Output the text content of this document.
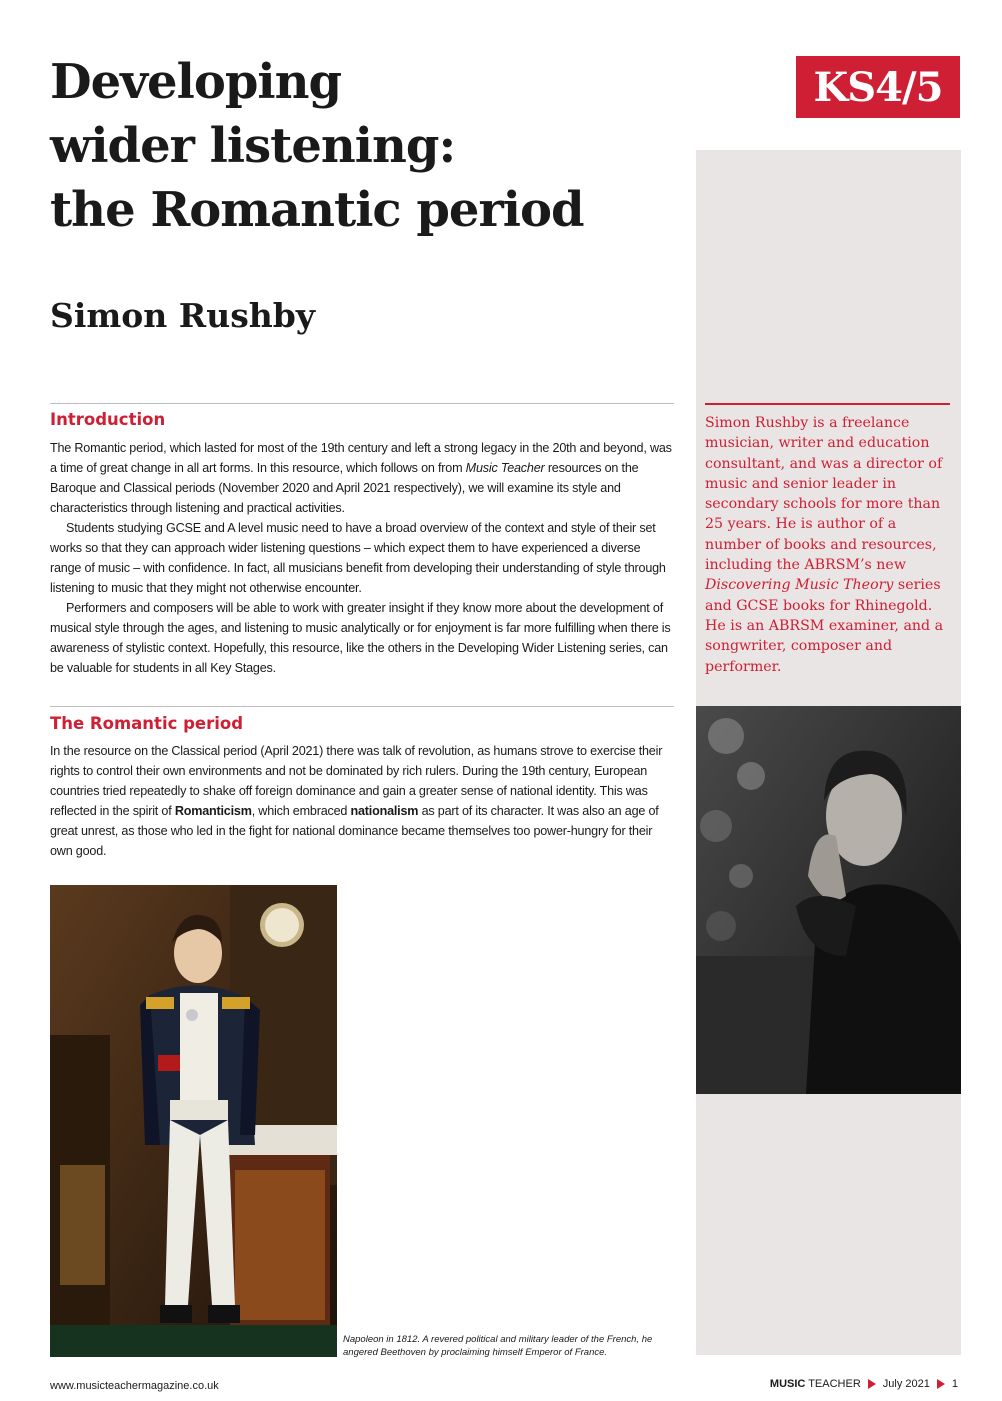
Developing
wider listening:
the Romantic period
Simon Rushby
KS4/5

Simon Rushby is a freelance musician, writer and education consultant, and was a director of music and senior leader in secondary schools for more than 25 years. He is author of a number of books and resources, including the ABRSM’s new Discovering Music Theory series and GCSE books for Rhinegold. He is an ABRSM examiner, and a songwriter, composer and performer.

Introduction

The Romantic period, which lasted for most of the 19th century and left a strong legacy in the 20th and beyond, was a time of great change in all art forms. In this resource, which follows on from Music Teacher resources on the Baroque and Classical periods (November 2020 and April 2021 respectively), we will examine its style and characteristics through listening and practical activities.

Students studying GCSE and A level music need to have a broad overview of the context and style of their set works so that they can approach wider listening questions – which expect them to have experienced a diverse range of music – with confidence. In fact, all musicians benefit from developing their understanding of style through listening to music that they might not otherwise encounter.

Performers and composers will be able to work with greater insight if they know more about the development of musical style through the ages, and listening to music analytically or for enjoyment is far more fulfilling when there is awareness of stylistic context. Hopefully, this resource, like the others in the Developing Wider Listening series, can be valuable for students in all Key Stages.

The Romantic period

In the resource on the Classical period (April 2021) there was talk of revolution, as humans strove to exercise their rights to control their own environments and not be dominated by rich rulers. During the 19th century, European countries tried repeatedly to shake off foreign dominance and gain a greater sense of national identity. This was reflected in the spirit of Romanticism, which embraced nationalism as part of its character. It was also an age of great unrest, as those who led in the fight for national dominance became themselves too power-hungry for their own good.

Napoleon in 1812. A revered political and military leader of the French, he angered Beethoven by proclaiming himself Emperor of France.
www.musicteachermagazine.co.uk	MUSIC TEACHER July 2021 1
